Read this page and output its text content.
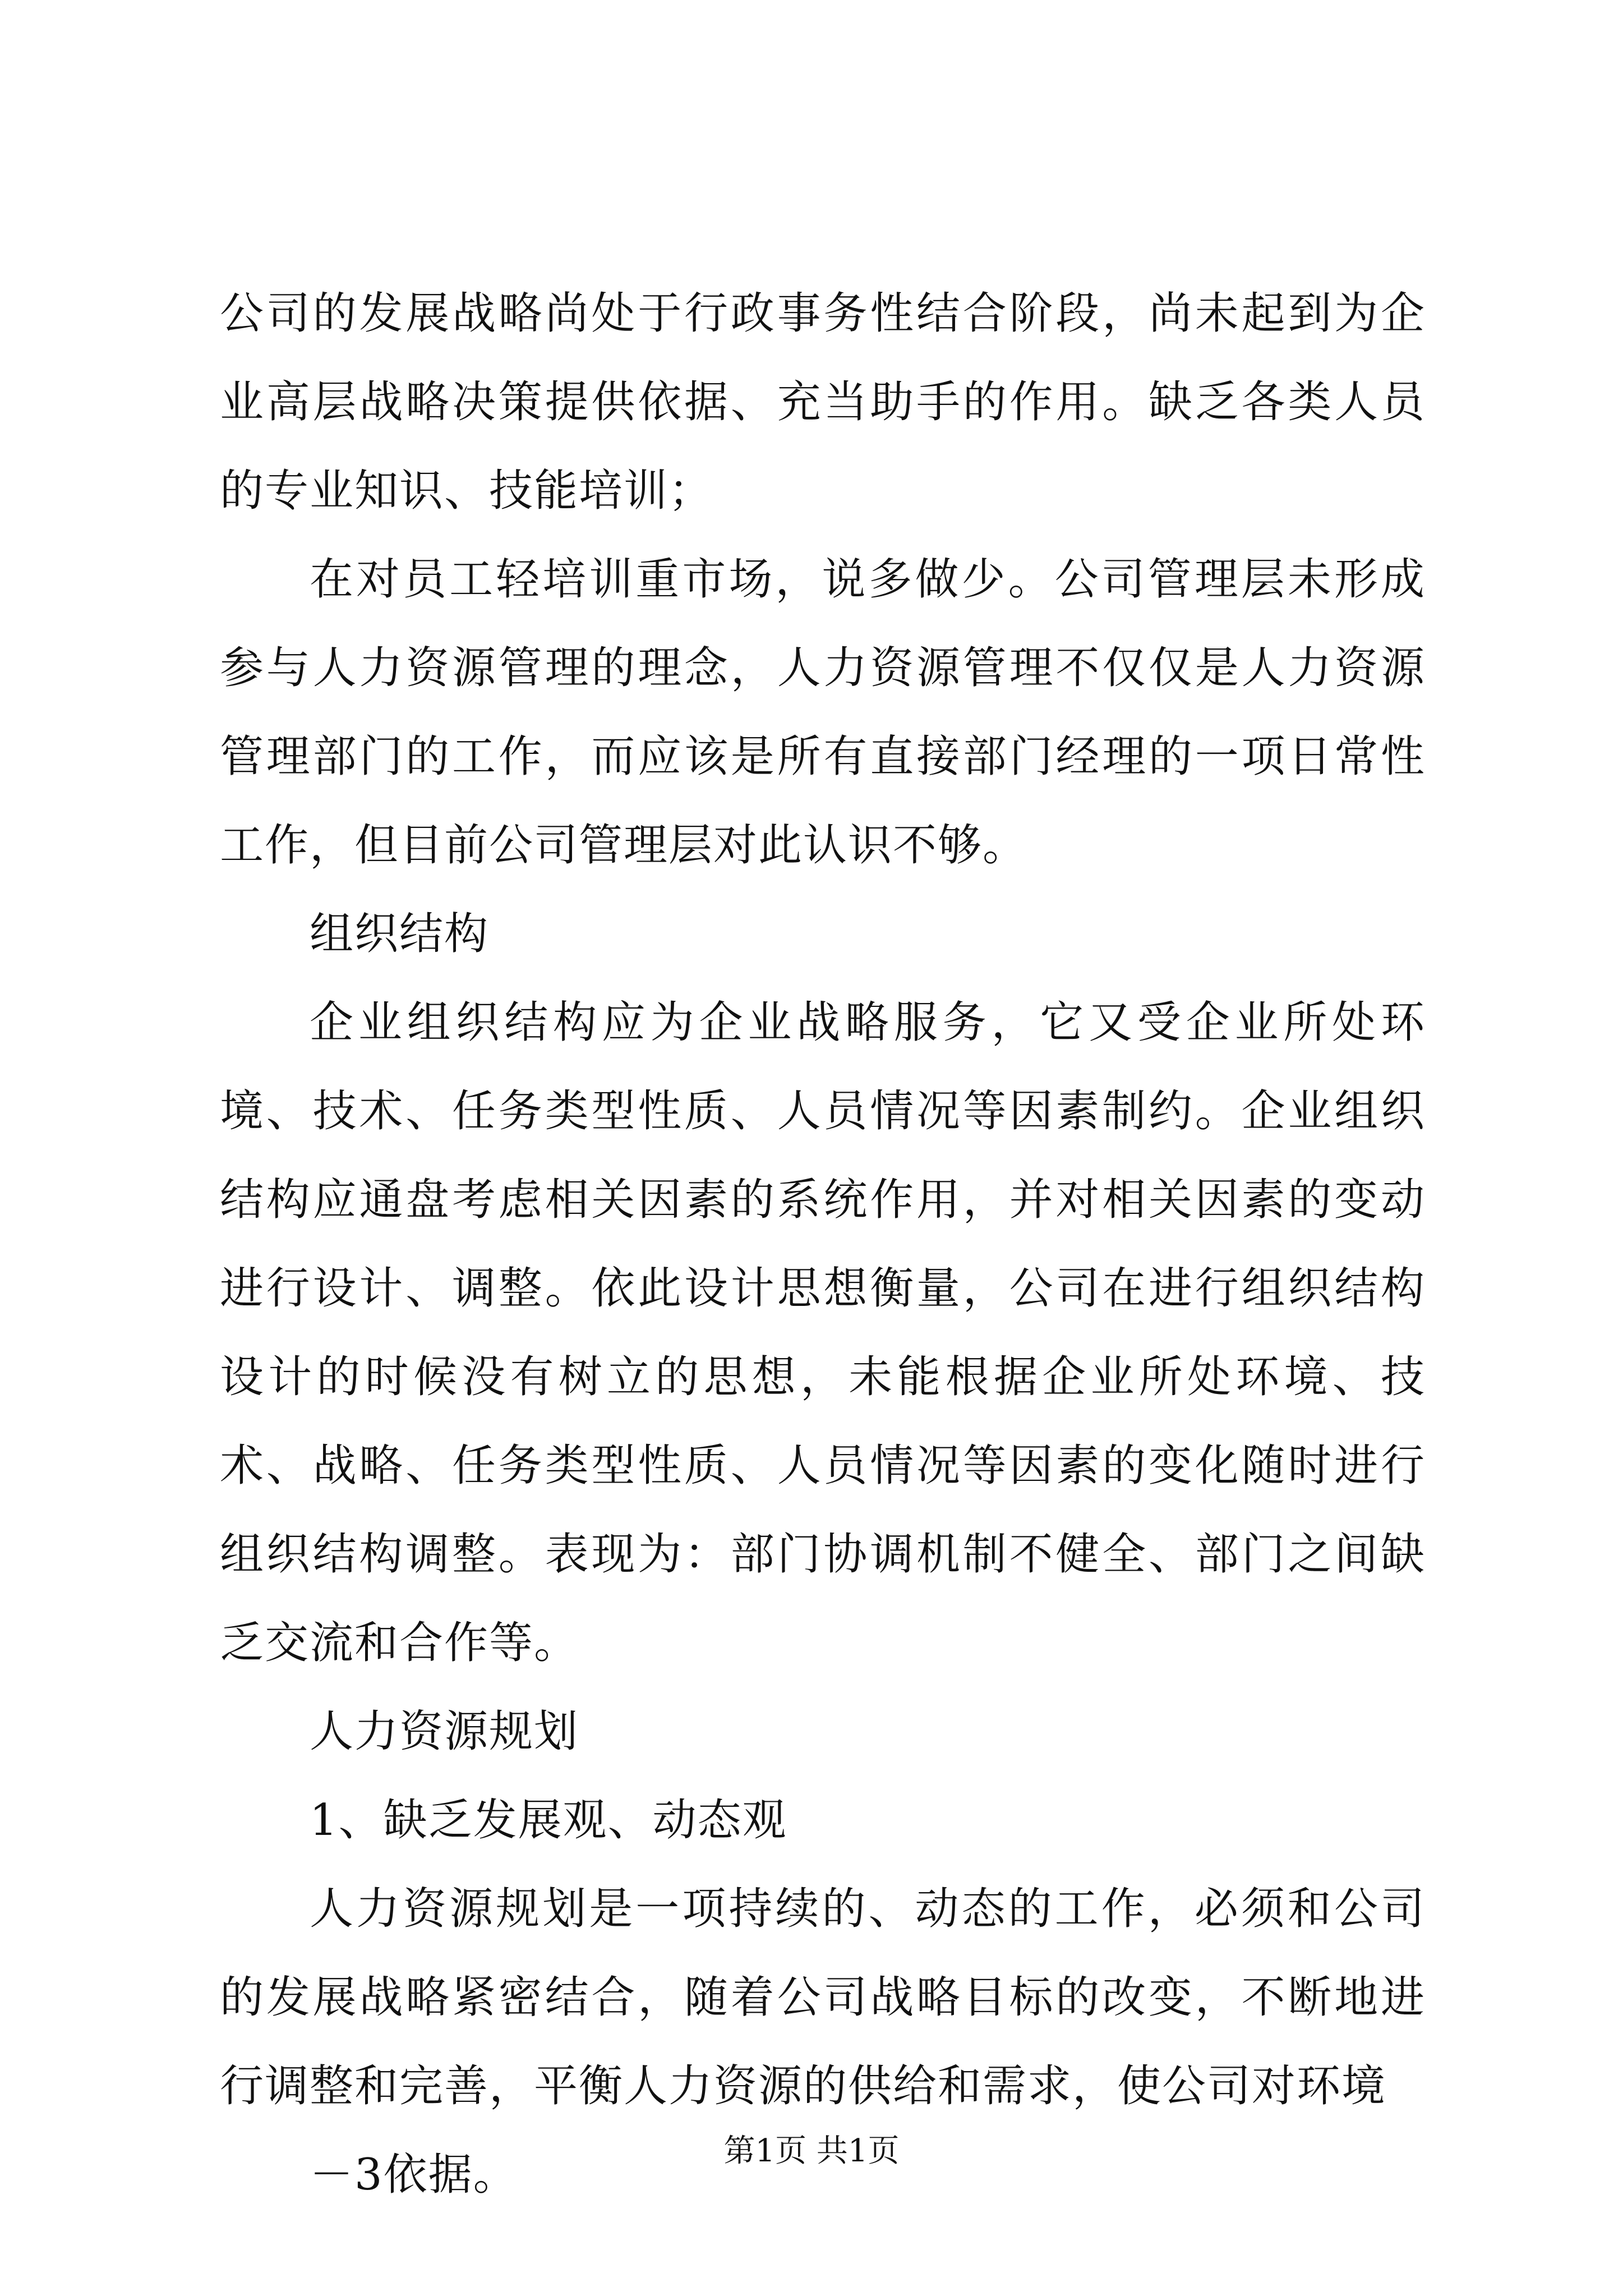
公司的发展战略尚处于行政事务性结合阶段，尚未起到为企业高层战略决策提供依据、充当助手的作用。缺乏各类人员的专业知识、技能培训；

在对员工轻培训重市场，说多做少。公司管理层未形成参与人力资源管理的理念，人力资源管理不仅仅是人力资源管理部门的工作，而应该是所有直接部门经理的一项日常性工作，但目前公司管理层对此认识不够。

组织结构

企业组织结构应为企业战略服务，它又受企业所处环境、技术、任务类型性质、人员情况等因素制约。企业组织结构应通盘考虑相关因素的系统作用，并对相关因素的变动进行设计、调整。依此设计思想衡量，公司在进行组织结构设计的时候没有树立的思想，未能根据企业所处环境、技术、战略、任务类型性质、人员情况等因素的变化随时进行组织结构调整。表现为：部门协调机制不健全、部门之间缺乏交流和合作等。

人力资源规划

1、缺乏发展观、动态观

人力资源规划是一项持续的、动态的工作，必须和公司的发展战略紧密结合，随着公司战略目标的改变，不断地进行调整和完善，平衡人力资源的供给和需求，使公司对环境

－3依据。	第1页 共1页
